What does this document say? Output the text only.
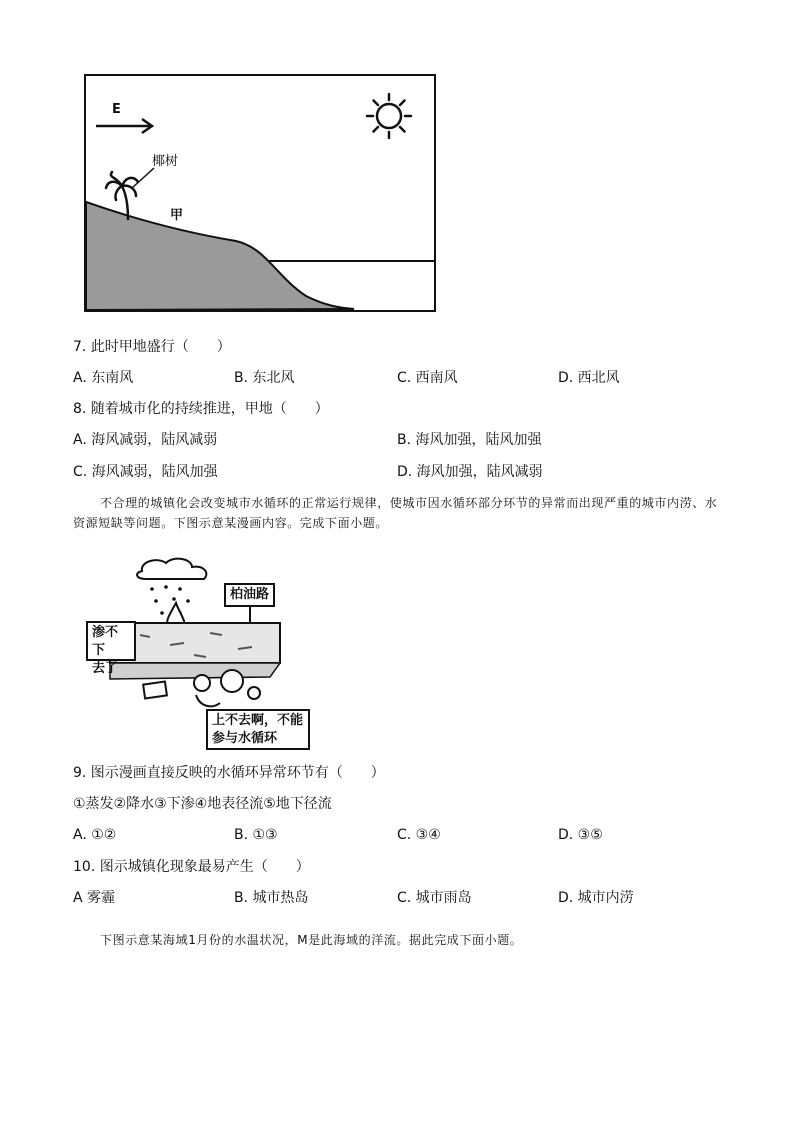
E
椰树
甲
7. 此时甲地盛行（　　）
A. 东南风	B. 东北风	C. 西南风	D. 西北风
8. 随着城市化的持续推进，甲地（　　）
A. 海风减弱，陆风减弱	B. 海风加强，陆风加强
C. 海风减弱，陆风加强	D. 海风加强，陆风减弱
不合理的城镇化会改变城市水循环的正常运行规律，使城市因水循环部分环节的异常而出现严重的城市内涝、水资源短缺等问题。下图示意某漫画内容。完成下面小题。
柏油路
渗不下
去了
上不去啊，不能
参与水循环
9. 图示漫画直接反映的水循环异常环节有（　　）
①蒸发②降水③下渗④地表径流⑤地下径流
A. ①②	B. ①③	C. ③④	D. ③⑤
10. 图示城镇化现象最易产生（　　）
A 雾霾	B. 城市热岛	C. 城市雨岛	D. 城市内涝
下图示意某海域1月份的水温状况，M是此海域的洋流。据此完成下面小题。
